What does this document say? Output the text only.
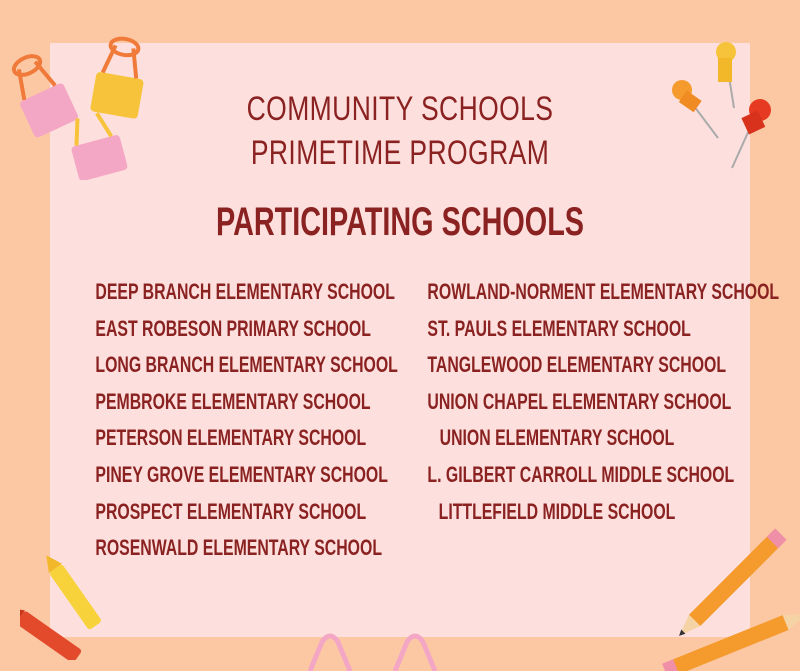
COMMUNITY SCHOOLS
PRIMETIME PROGRAM
PARTICIPATING SCHOOLS
DEEP BRANCH ELEMENTARY SCHOOL
EAST ROBESON PRIMARY SCHOOL
LONG BRANCH ELEMENTARY SCHOOL
PEMBROKE ELEMENTARY SCHOOL
PETERSON ELEMENTARY SCHOOL
PINEY GROVE ELEMENTARY SCHOOL
PROSPECT ELEMENTARY SCHOOL
ROSENWALD ELEMENTARY SCHOOL
ROWLAND-NORMENT ELEMENTARY SCHOOL
ST. PAULS ELEMENTARY SCHOOL
TANGLEWOOD ELEMENTARY SCHOOL
UNION CHAPEL ELEMENTARY SCHOOL
UNION ELEMENTARY SCHOOL
L. GILBERT CARROLL MIDDLE SCHOOL
LITTLEFIELD MIDDLE SCHOOL
